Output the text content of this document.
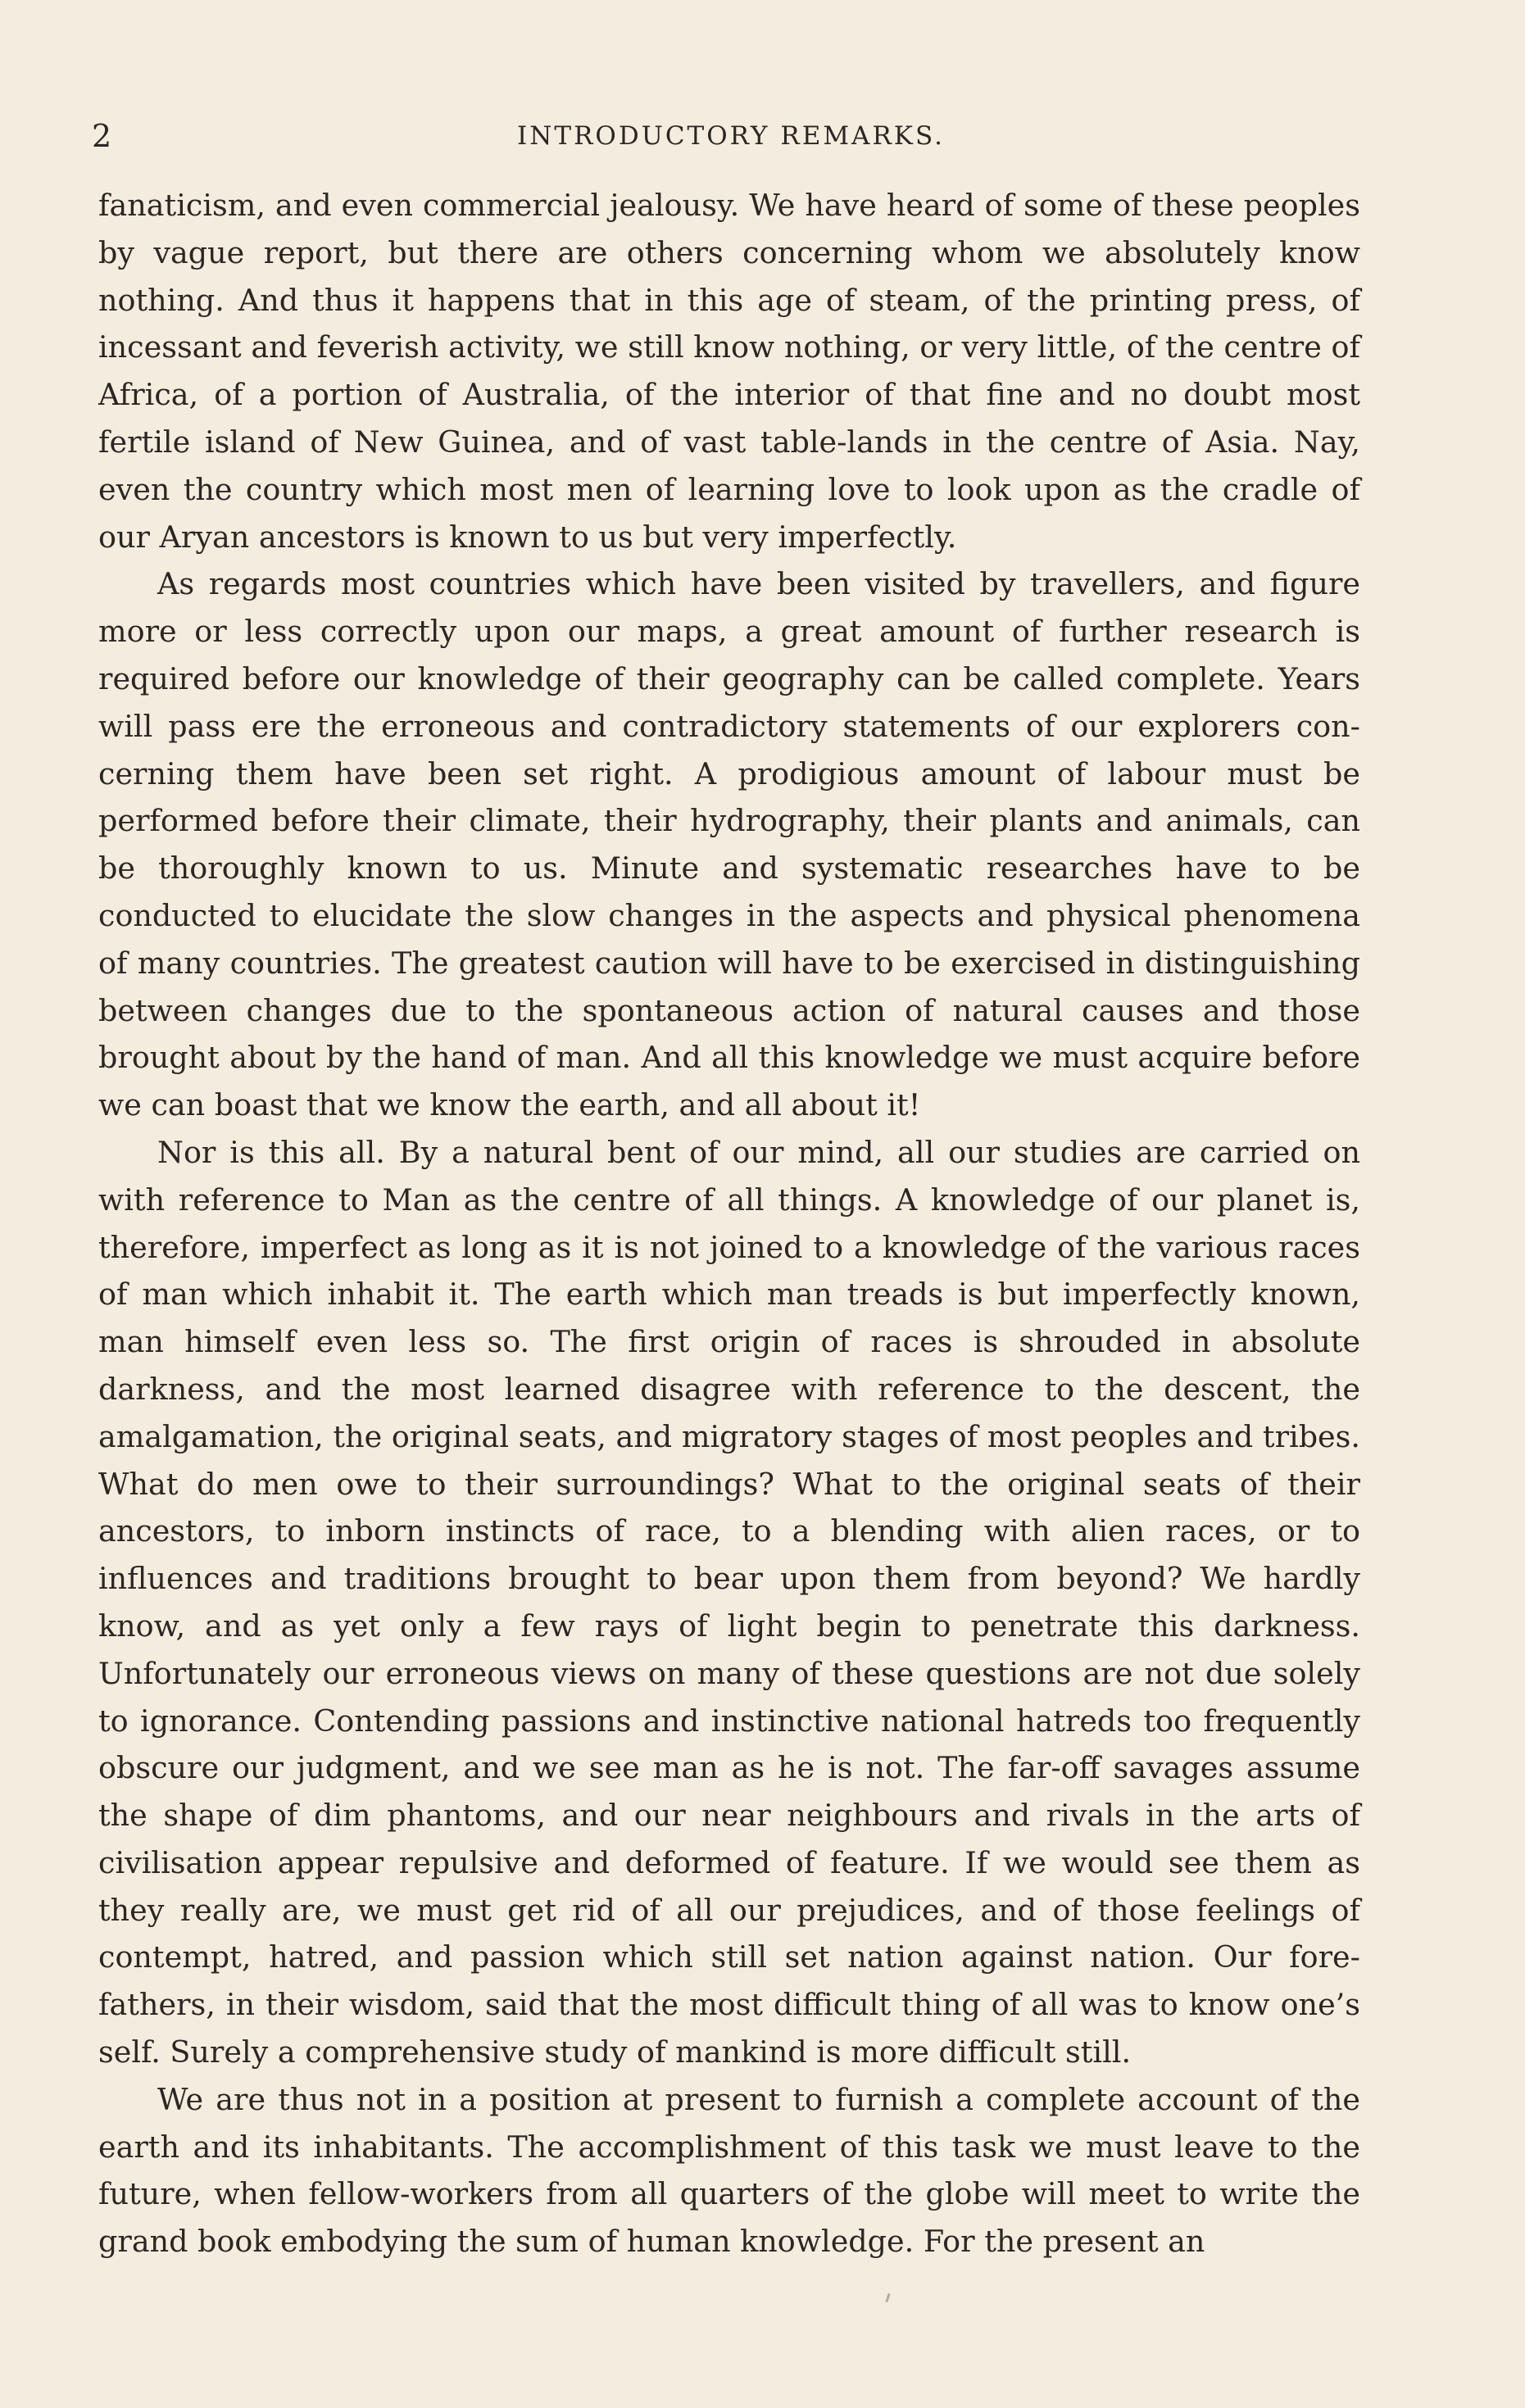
2	INTRODUCTORY REMARKS.

fanaticism, and even commercial jealousy. We have heard of some of these peoples by vague report, but there are others concerning whom we absolutely know nothing. And thus it happens that in this age of steam, of the printing press, of incessant and feverish activity, we still know nothing, or very little, of the centre of Africa, of a portion of Australia, of the interior of that fine and no doubt most fertile island of New Guinea, and of vast table-lands in the centre of Asia. Nay, even the country which most men of learning love to look upon as the cradle of our Aryan ancestors is known to us but very imperfectly.

As regards most countries which have been visited by travellers, and figure more or less correctly upon our maps, a great amount of further research is required before our knowledge of their geography can be called complete. Years will pass ere the erroneous and contradictory statements of our explorers concerning them have been set right. A prodigious amount of labour must be performed before their climate, their hydrography, their plants and animals, can be thoroughly known to us. Minute and systematic researches have to be conducted to elucidate the slow changes in the aspects and physical phenomena of many countries. The greatest caution will have to be exercised in distinguishing between changes due to the spontaneous action of natural causes and those brought about by the hand of man. And all this knowledge we must acquire before we can boast that we know the earth, and all about it!

Nor is this all. By a natural bent of our mind, all our studies are carried on with reference to Man as the centre of all things. A knowledge of our planet is, therefore, imperfect as long as it is not joined to a knowledge of the various races of man which inhabit it. The earth which man treads is but imperfectly known, man himself even less so. The first origin of races is shrouded in absolute darkness, and the most learned disagree with reference to the descent, the amalgamation, the original seats, and migratory stages of most peoples and tribes. What do men owe to their surroundings? What to the original seats of their ancestors, to inborn instincts of race, to a blending with alien races, or to influences and traditions brought to bear upon them from beyond? We hardly know, and as yet only a few rays of light begin to penetrate this darkness. Unfortunately our erroneous views on many of these questions are not due solely to ignorance. Contending passions and instinctive national hatreds too frequently obscure our judgment, and we see man as he is not. The far-off savages assume the shape of dim phantoms, and our near neighbours and rivals in the arts of civilisation appear repulsive and deformed of feature. If we would see them as they really are, we must get rid of all our prejudices, and of those feelings of contempt, hatred, and passion which still set nation against nation. Our forefathers, in their wisdom, said that the most difficult thing of all was to know one’s self. Surely a comprehensive study of mankind is more difficult still.

We are thus not in a position at present to furnish a complete account of the earth and its inhabitants. The accomplishment of this task we must leave to the future, when fellow-workers from all quarters of the globe will meet to write the grand book embodying the sum of human knowledge. For the present an
